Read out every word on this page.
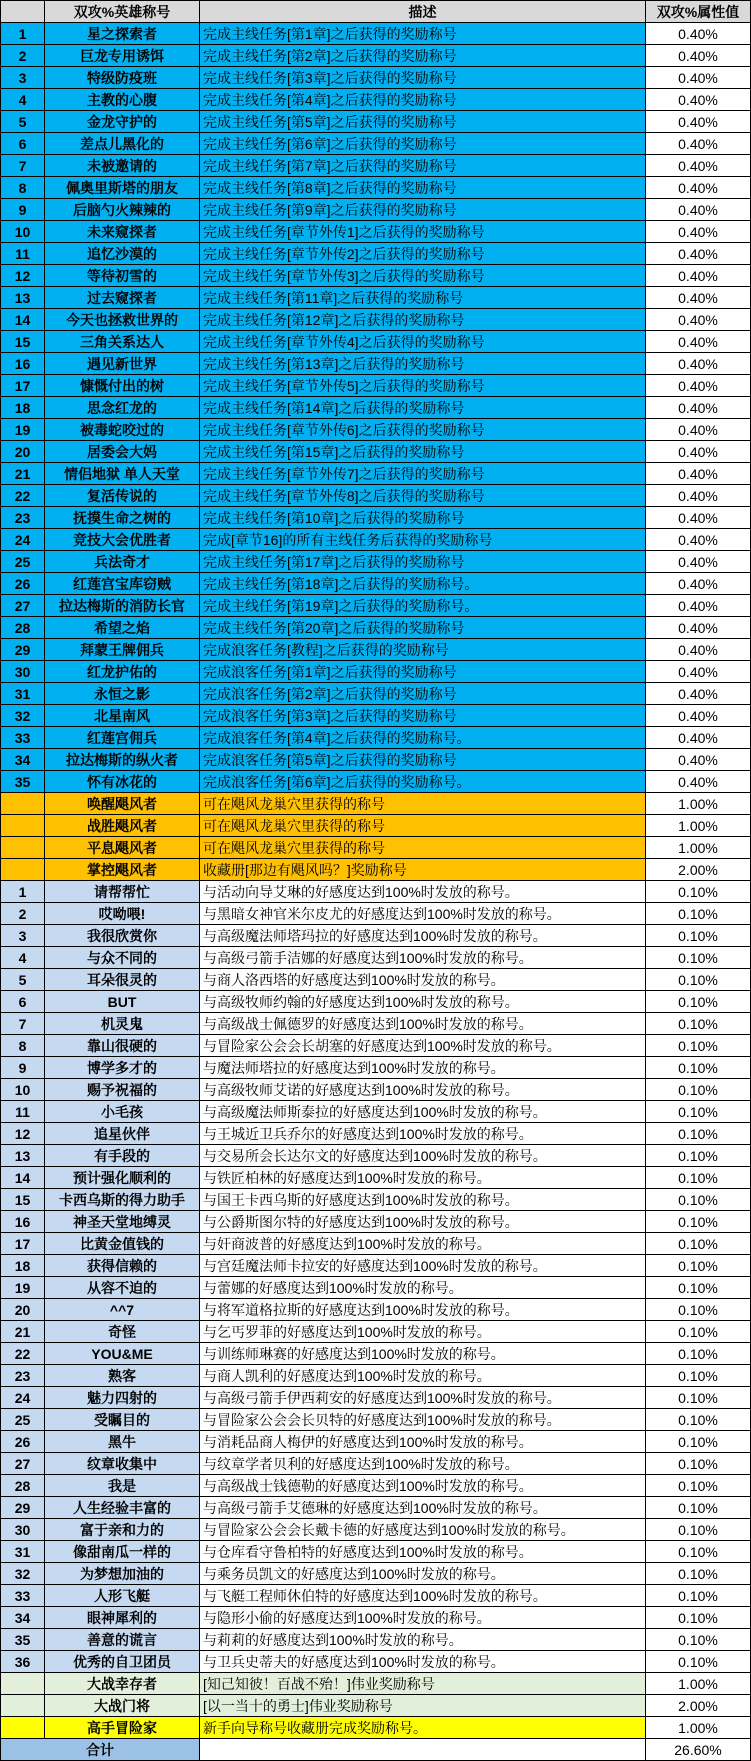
双攻%英雄称号	描述	双攻%属性值
1	星之探索者	完成主线任务[第1章]之后获得的奖励称号	0.40%
2	巨龙专用诱饵	完成主线任务[第2章]之后获得的奖励称号	0.40%
3	特级防疫班	完成主线任务[第3章]之后获得的奖励称号	0.40%
4	主教的心腹	完成主线任务[第4章]之后获得的奖励称号	0.40%
5	金龙守护的	完成主线任务[第5章]之后获得的奖励称号	0.40%
6	差点儿黑化的	完成主线任务[第6章]之后获得的奖励称号	0.40%
7	未被邀请的	完成主线任务[第7章]之后获得的奖励称号	0.40%
8	佩奥里斯塔的朋友	完成主线任务[第8章]之后获得的奖励称号	0.40%
9	后脑勺火辣辣的	完成主线任务[第9章]之后获得的奖励称号	0.40%
10	未来窥探者	完成主线任务[章节外传1]之后获得的奖励称号	0.40%
11	追忆沙漠的	完成主线任务[章节外传2]之后获得的奖励称号	0.40%
12	等待初雪的	完成主线任务[章节外传3]之后获得的奖励称号	0.40%
13	过去窥探者	完成主线任务[第11章]之后获得的奖励称号	0.40%
14	今天也拯救世界的	完成主线任务[第12章]之后获得的奖励称号	0.40%
15	三角关系达人	完成主线任务[章节外传4]之后获得的奖励称号	0.40%
16	遇见新世界	完成主线任务[第13章]之后获得的奖励称号	0.40%
17	慷慨付出的树	完成主线任务[章节外传5]之后获得的奖励称号	0.40%
18	思念红龙的	完成主线任务[第14章]之后获得的奖励称号	0.40%
19	被毒蛇咬过的	完成主线任务[章节外传6]之后获得的奖励称号	0.40%
20	居委会大妈	完成主线任务[第15章]之后获得的奖励称号	0.40%
21	情侣地狱 单人天堂	完成主线任务[章节外传7]之后获得的奖励称号	0.40%
22	复活传说的	完成主线任务[章节外传8]之后获得的奖励称号	0.40%
23	抚摸生命之树的	完成主线任务[第10章]之后获得的奖励称号	0.40%
24	竞技大会优胜者	完成[章节16]的所有主线任务后获得的奖励称号	0.40%
25	兵法奇才	完成主线任务[第17章]之后获得的奖励称号	0.40%
26	红莲宫宝库窃贼	完成主线任务[第18章]之后获得的奖励称号。	0.40%
27	拉达梅斯的消防长官	完成主线任务[第19章]之后获得的奖励称号。	0.40%
28	希望之焰	完成主线任务[第20章]之后获得的奖励称号	0.40%
29	拜蒙王牌佣兵	完成浪客任务[教程]之后获得的奖励称号	0.40%
30	红龙护佑的	完成浪客任务[第1章]之后获得的奖励称号	0.40%
31	永恒之影	完成浪客任务[第2章]之后获得的奖励称号	0.40%
32	北星南风	完成浪客任务[第3章]之后获得的奖励称号	0.40%
33	红莲宫佣兵	完成浪客任务[第4章]之后获得的奖励称号。	0.40%
34	拉达梅斯的纵火者	完成浪客任务[第5章]之后获得的奖励称号	0.40%
35	怀有冰花的	完成浪客任务[第6章]之后获得的奖励称号。	0.40%
唤醒飓风者	可在飓风龙巢穴里获得的称号	1.00%
战胜飓风者	可在飓风龙巢穴里获得的称号	1.00%
平息飓风者	可在飓风龙巢穴里获得的称号	1.00%
掌控飓风者	收藏册[那边有飓风吗？]奖励称号	2.00%
1	请帮帮忙	与活动向导艾琳的好感度达到100%时发放的称号。	0.10%
2	哎呦喂!	与黑暗女神官米尔皮尤的好感度达到100%时发放的称号。	0.10%
3	我很欣赏你	与高级魔法师塔玛拉的好感度达到100%时发放的称号。	0.10%
4	与众不同的	与高级弓箭手洁娜的好感度达到100%时发放的称号。	0.10%
5	耳朵很灵的	与商人洛西塔的好感度达到100%时发放的称号。	0.10%
6	BUT	与高级牧师约翰的好感度达到100%时发放的称号。	0.10%
7	机灵鬼	与高级战士佩德罗的好感度达到100%时发放的称号。	0.10%
8	靠山很硬的	与冒险家公会会长胡塞的好感度达到100%时发放的称号。	0.10%
9	博学多才的	与魔法师塔拉的好感度达到100%时发放的称号。	0.10%
10	赐予祝福的	与高级牧师艾诺的好感度达到100%时发放的称号。	0.10%
11	小毛孩	与高级魔法师斯泰拉的好感度达到100%时发放的称号。	0.10%
12	追星伙伴	与王城近卫兵乔尔的好感度达到100%时发放的称号。	0.10%
13	有手段的	与交易所会长达尔文的好感度达到100%时发放的称号。	0.10%
14	预计强化顺利的	与铁匠柏林的好感度达到100%时发放的称号。	0.10%
15	卡西乌斯的得力助手	与国王卡西乌斯的好感度达到100%时发放的称号。	0.10%
16	神圣天堂地缚灵	与公爵斯图尔特的好感度达到100%时发放的称号。	0.10%
17	比黄金值钱的	与奸商波普的好感度达到100%时发放的称号。	0.10%
18	获得信赖的	与宫廷魔法师卡拉安的好感度达到100%时发放的称号。	0.10%
19	从容不迫的	与蕾娜的好感度达到100%时发放的称号。	0.10%
20	^^7	与将军道格拉斯的好感度达到100%时发放的称号。	0.10%
21	奇怪	与乞丐罗菲的好感度达到100%时发放的称号。	0.10%
22	YOU&ME	与训练师琳赛的好感度达到100%时发放的称号。	0.10%
23	熟客	与商人凯利的好感度达到100%时发放的称号。	0.10%
24	魅力四射的	与高级弓箭手伊西莉安的好感度达到100%时发放的称号。	0.10%
25	受瞩目的	与冒险家公会会长贝特的好感度达到100%时发放的称号。	0.10%
26	黑牛	与消耗品商人梅伊的好感度达到100%时发放的称号。	0.10%
27	纹章收集中	与纹章学者贝利的好感度达到100%时发放的称号。	0.10%
28	我是	与高级战士钱德勒的好感度达到100%时发放的称号。	0.10%
29	人生经验丰富的	与高级弓箭手艾德琳的好感度达到100%时发放的称号。	0.10%
30	富于亲和力的	与冒险家公会会长戴卡德的好感度达到100%时发放的称号。	0.10%
31	像甜南瓜一样的	与仓库看守鲁柏特的好感度达到100%时发放的称号。	0.10%
32	为梦想加油的	与乘务员凯文的好感度达到100%时发放的称号。	0.10%
33	人形飞艇	与飞艇工程师休伯特的好感度达到100%时发放的称号。	0.10%
34	眼神犀利的	与隐形小偷的好感度达到100%时发放的称号。	0.10%
35	善意的谎言	与莉莉的好感度达到100%时发放的称号。	0.10%
36	优秀的自卫团员	与卫兵史蒂夫的好感度达到100%时发放的称号。	0.10%
大战幸存者	[知己知彼！百战不殆！]伟业奖励称号	1.00%
大战门将	[以一当十的勇士]伟业奖励称号	2.00%
高手冒险家	新手向导称号收藏册完成奖励称号。	1.00%
合计	26.60%
